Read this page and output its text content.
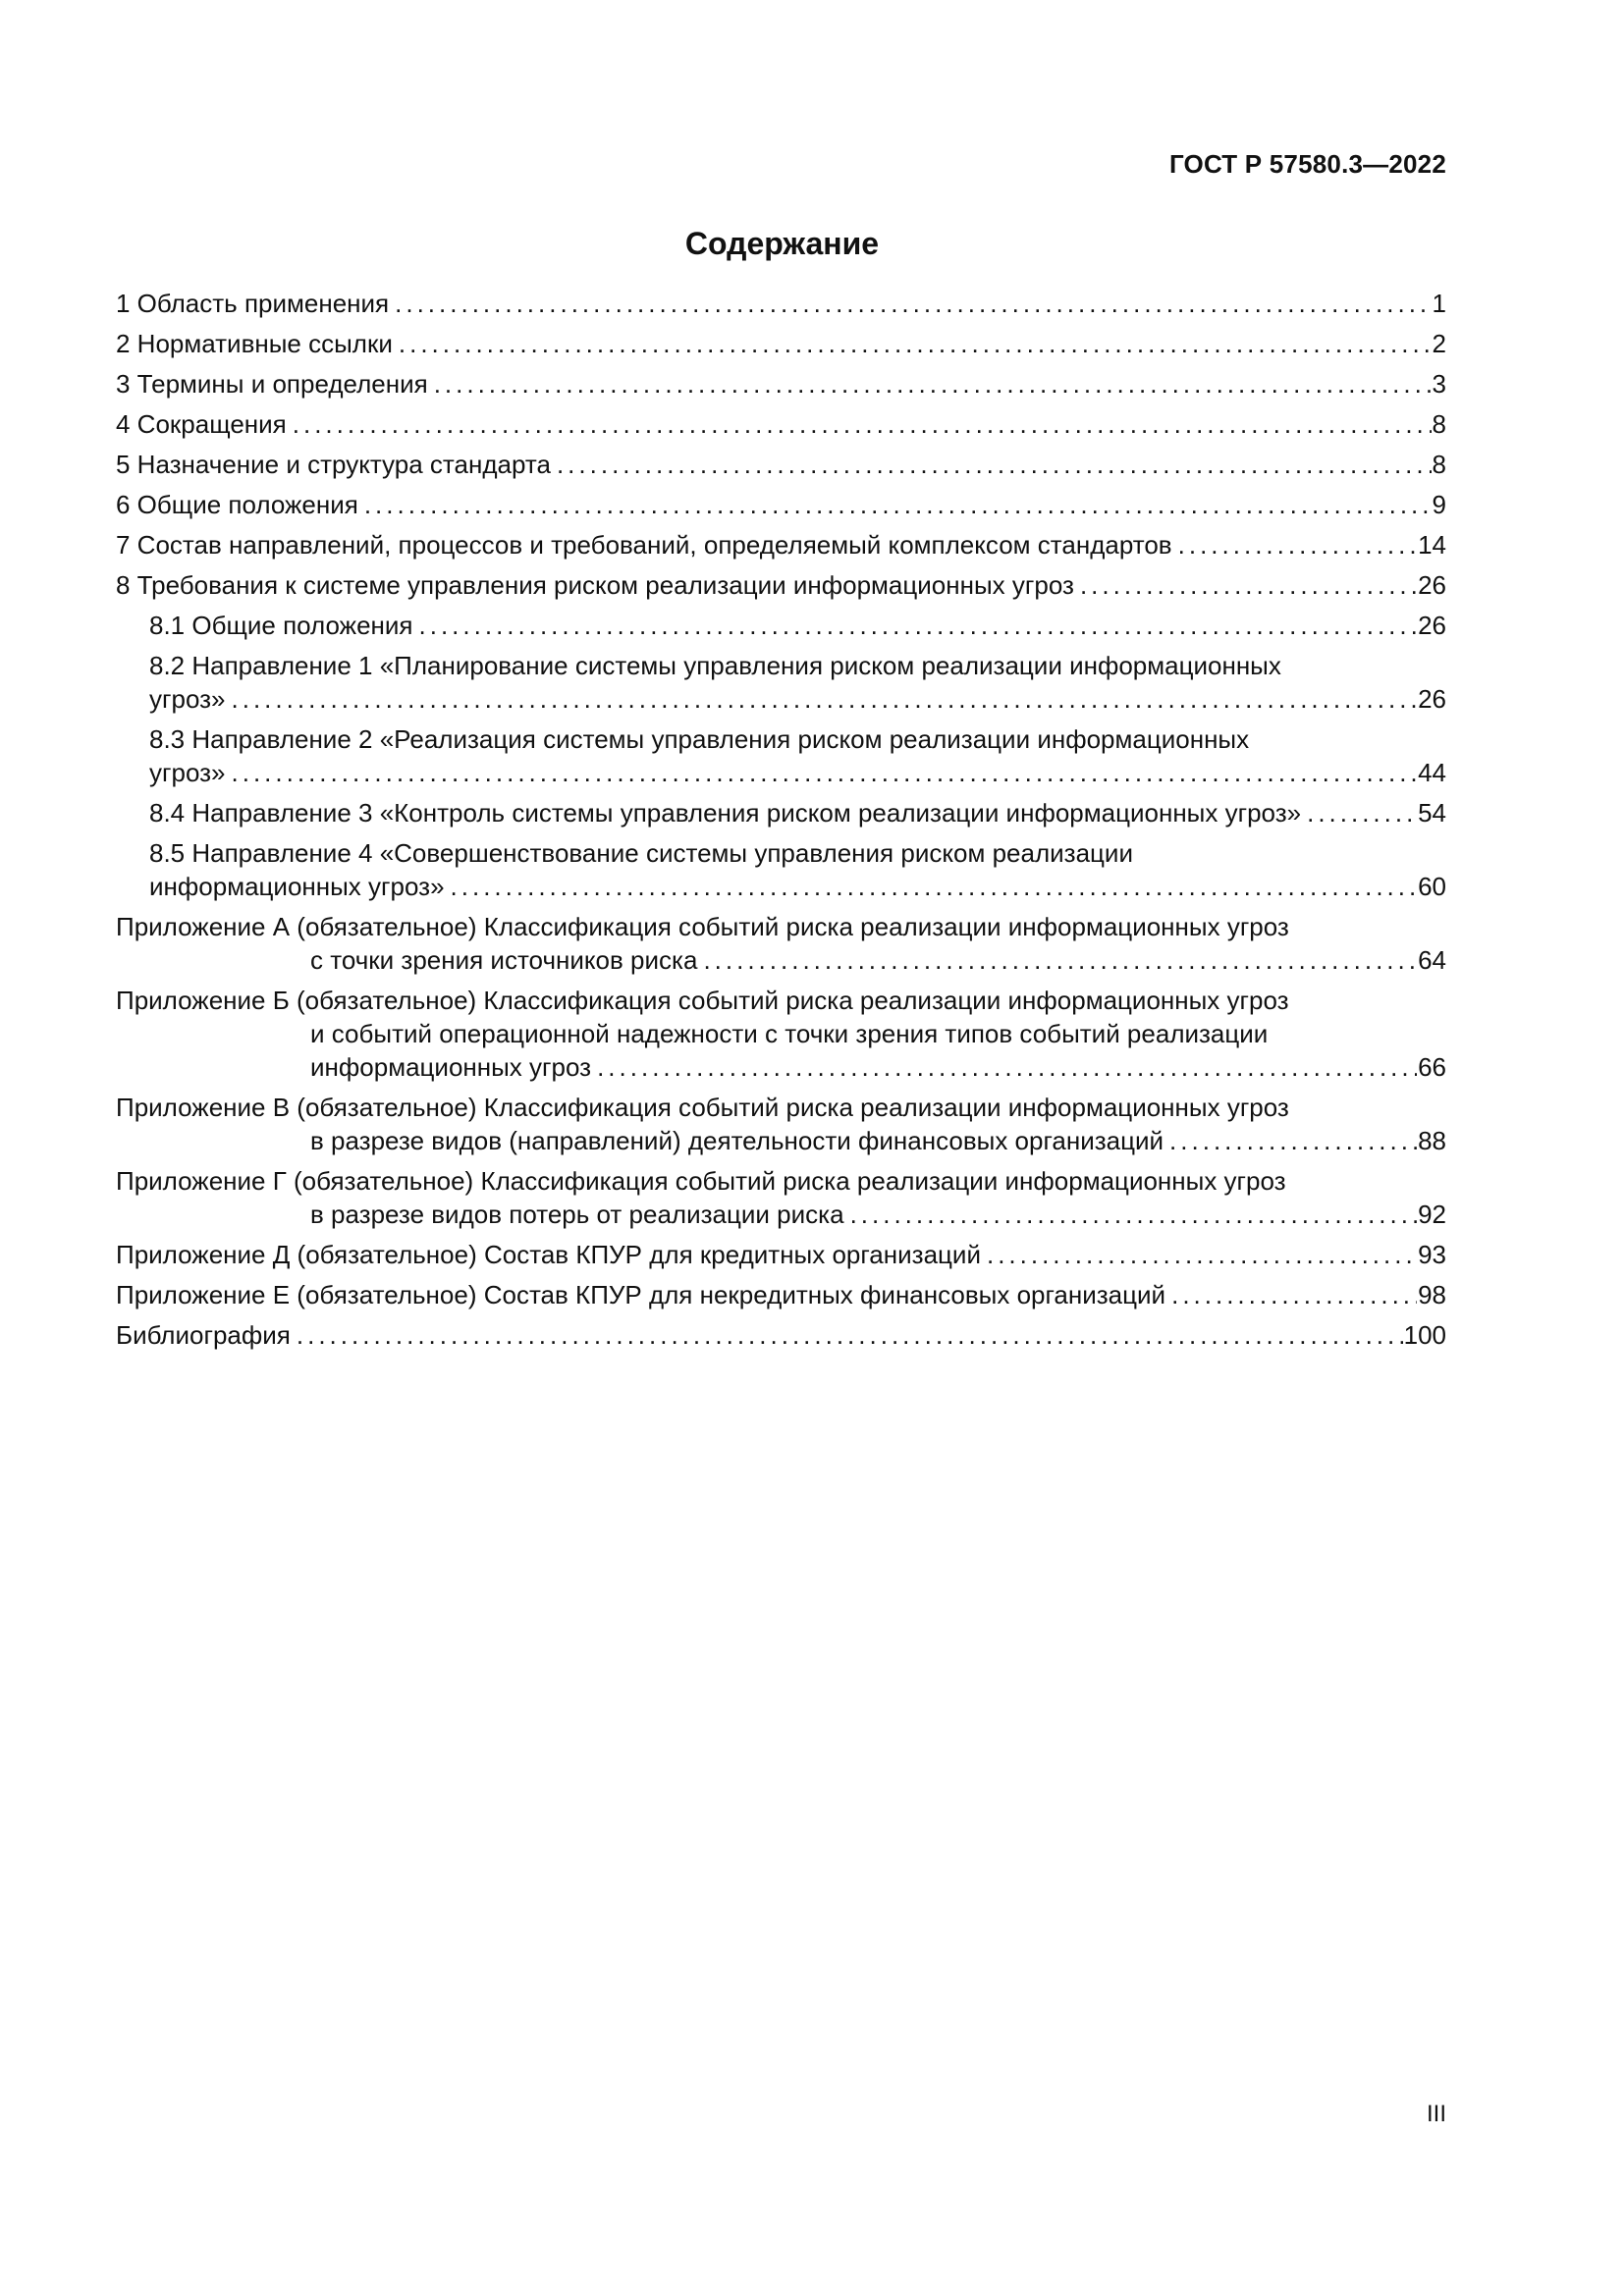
ГОСТ Р 57580.3—2022
Содержание
1 Область применения .....	1
2 Нормативные ссылки .....	2
3 Термины и определения .....	3
4 Сокращения .....	8
5 Назначение и структура стандарта .....	8
6 Общие положения .....	9
7 Состав направлений, процессов и требований, определяемый комплексом стандартов .....	14
8 Требования к системе управления риском реализации информационных угроз .....	26
8.1 Общие положения .....	26
8.2 Направление 1 «Планирование системы управления риском реализации информационных
угроз» .....	26
8.3 Направление 2 «Реализация системы управления риском реализации информационных
угроз» .....	44
8.4 Направление 3 «Контроль системы управления риском реализации информационных угроз» .....	54
8.5 Направление 4 «Совершенствование системы управления риском реализации
информационных угроз» .....	60
Приложение А (обязательное) Классификация событий риска реализации информационных угроз
с точки зрения источников риска .....	64
Приложение Б (обязательное) Классификация событий риска реализации информационных угроз
и событий операционной надежности с точки зрения типов событий реализации
информационных угроз .....	66
Приложение В (обязательное) Классификация событий риска реализации информационных угроз
в разрезе видов (направлений) деятельности финансовых организаций .....	88
Приложение Г (обязательное) Классификация событий риска реализации информационных угроз
в разрезе видов потерь от реализации риска .....	92
Приложение Д (обязательное) Состав КПУР для кредитных организаций .....	93
Приложение Е (обязательное) Состав КПУР для некредитных финансовых организаций .....	98
Библиография .....	100
III
